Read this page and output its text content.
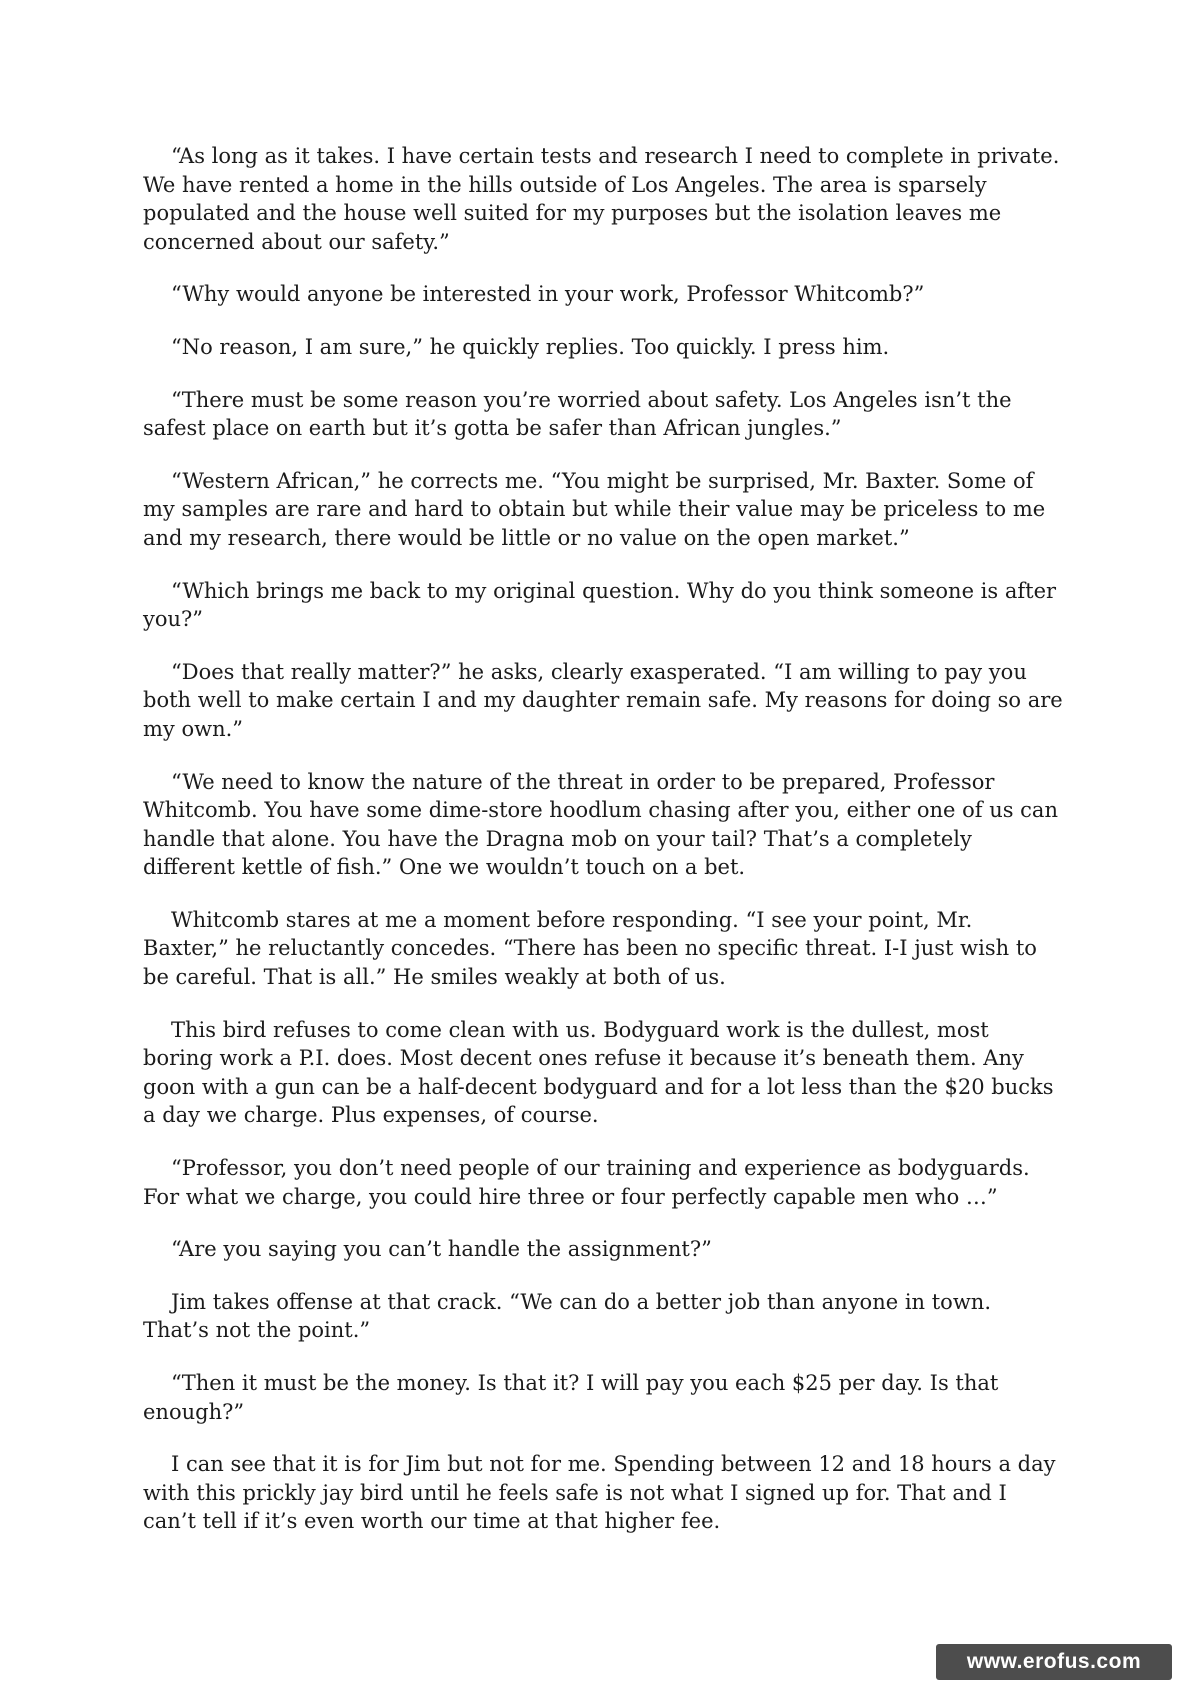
“As long as it takes. I have certain tests and research I need to complete in private. We have rented a home in the hills outside of Los Angeles. The area is sparsely populated and the house well suited for my purposes but the isolation leaves me concerned about our safety.”

“Why would anyone be interested in your work, Professor Whitcomb?”

“No reason, I am sure,” he quickly replies. Too quickly. I press him.

“There must be some reason you’re worried about safety. Los Angeles isn’t the safest place on earth but it’s gotta be safer than African jungles.”

“Western African,” he corrects me. “You might be surprised, Mr. Baxter. Some of my samples are rare and hard to obtain but while their value may be priceless to me and my research, there would be little or no value on the open market.”

“Which brings me back to my original question. Why do you think someone is after you?”

“Does that really matter?” he asks, clearly exasperated. “I am willing to pay you both well to make certain I and my daughter remain safe. My reasons for doing so are my own.”

“We need to know the nature of the threat in order to be prepared, Professor Whitcomb. You have some dime-store hoodlum chasing after you, either one of us can handle that alone. You have the Dragna mob on your tail? That’s a completely different kettle of fish.” One we wouldn’t touch on a bet.

Whitcomb stares at me a moment before responding. “I see your point, Mr. Baxter,” he reluctantly concedes. “There has been no specific threat. I-I just wish to be careful. That is all.” He smiles weakly at both of us.

This bird refuses to come clean with us. Bodyguard work is the dullest, most boring work a P.I. does. Most decent ones refuse it because it’s beneath them. Any goon with a gun can be a half-decent bodyguard and for a lot less than the $20 bucks a day we charge. Plus expenses, of course.

“Professor, you don’t need people of our training and experience as bodyguards. For what we charge, you could hire three or four perfectly capable men who …”

“Are you saying you can’t handle the assignment?”

Jim takes offense at that crack. “We can do a better job than anyone in town. That’s not the point.”

“Then it must be the money. Is that it? I will pay you each $25 per day. Is that enough?”

I can see that it is for Jim but not for me. Spending between 12 and 18 hours a day with this prickly jay bird until he feels safe is not what I signed up for. That and I can’t tell if it’s even worth our time at that higher fee.

www.erofus.com
